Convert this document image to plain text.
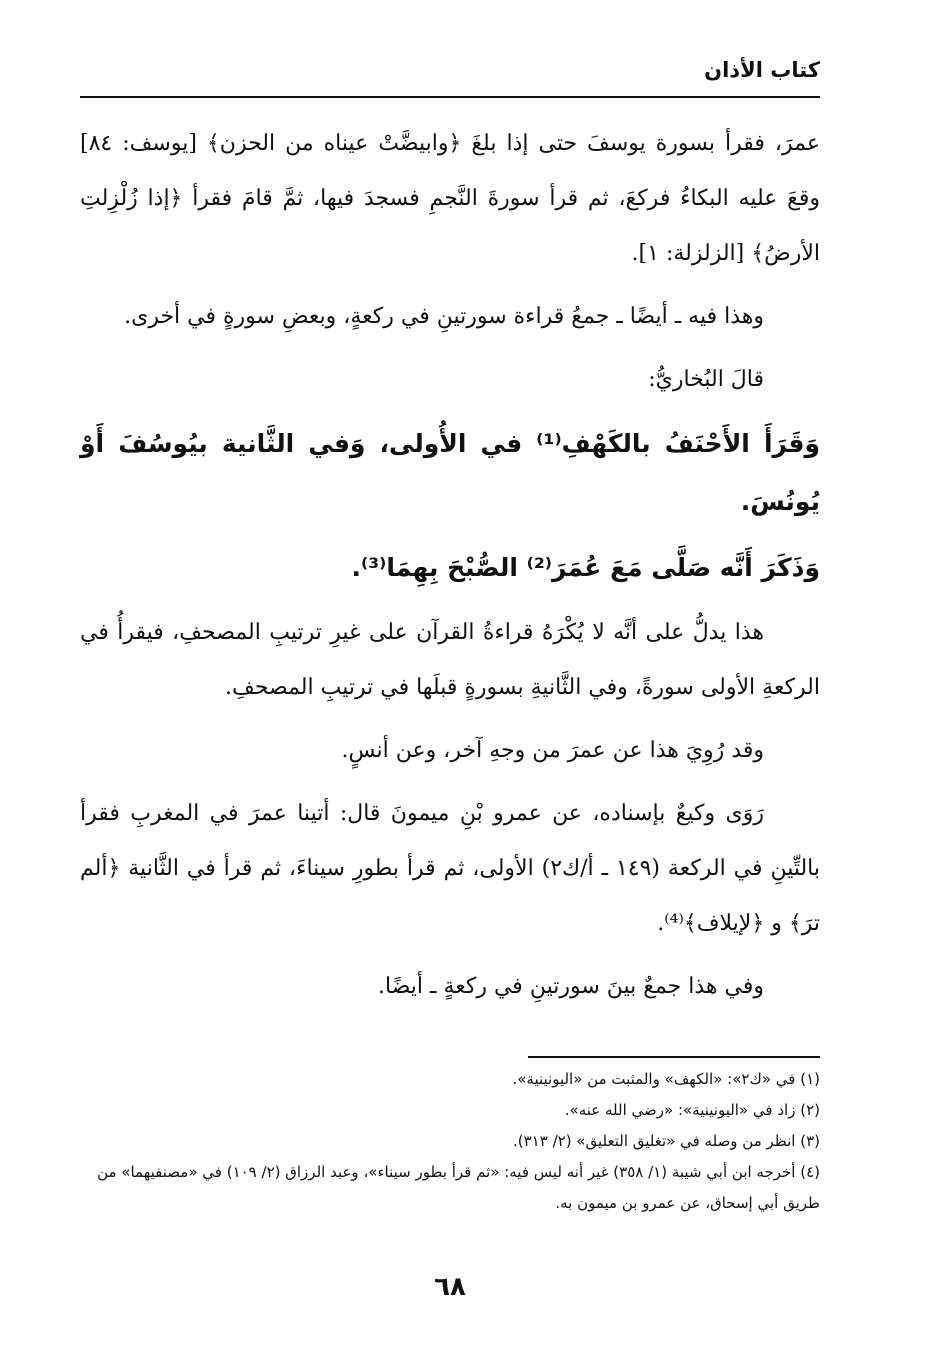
كتاب الأذان

عمرَ، فقرأ بسورة يوسفَ حتى إذا بلغَ ﴿وابيضَّتْ عيناه من الحزن﴾ [يوسف: ٨٤] وقعَ عليه البكاءُ فركعَ، ثم قرأ سورةَ النَّجمِ فسجدَ فيها، ثمَّ قامَ فقرأ ﴿إذا زُلْزِلتِ الأرضُ﴾ [الزلزلة: ١].

وهذا فيه ـ أيضًا ـ جمعُ قراءة سورتينِ في ركعةٍ، وبعضِ سورةٍ في أخرى.

قالَ البُخاريُّ:

وَقَرَأَ الأَحْنَفُ بالكَهْفِ⁽¹⁾ في الأُولى، وَفي الثَّانية بيُوسُفَ أَوْ يُونُسَ.

وَذَكَرَ أَنَّه صَلَّى مَعَ عُمَرَ⁽²⁾ الصُّبْحَ بِهِمَا⁽³⁾.

هذا يدلُّ على أنَّه لا يُكْرَهُ قراءةُ القرآن على غيرِ ترتيبِ المصحفِ، فيقرأُ في الركعةِ الأولى سورةً، وفي الثَّانيةِ بسورةٍ قبلَها في ترتيبِ المصحفِ.

وقد رُوِيَ هذا عن عمرَ من وجهِ آخر، وعن أنسٍ.

رَوَى وكيعٌ بإسناده، عن عمرو بْنِ ميمونَ قال: أتينا عمرَ في المغربِ فقرأ بالتِّينِ في الركعة (١٤٩ ـ أ/ك٢) الأولى، ثم قرأ بطورِ سيناءَ، ثم قرأ في الثَّانية ﴿ألم ترَ﴾ و ﴿لإيلاف﴾⁽⁴⁾.

وفي هذا جمعٌ بينَ سورتينِ في ركعةٍ ـ أيضًا.

(١) في «ك٢»: «الكهف» والمثبت من «اليونينية».

(٢) زاد في «اليونينية»: «رضي الله عنه».

(٣) انظر من وصله في «تغليق التعليق» (٢/ ٣١٣).

(٤) أخرجه ابن أبي شيبة (١/ ٣٥٨) غير أنه ليس فيه: «ثم قرأ بطور سيناء»، وعبد الرزاق (٢/ ١٠٩) في «مصنفيهما» من طريق أبي إسحاق، عن عمرو بن ميمون به.

٦٨
